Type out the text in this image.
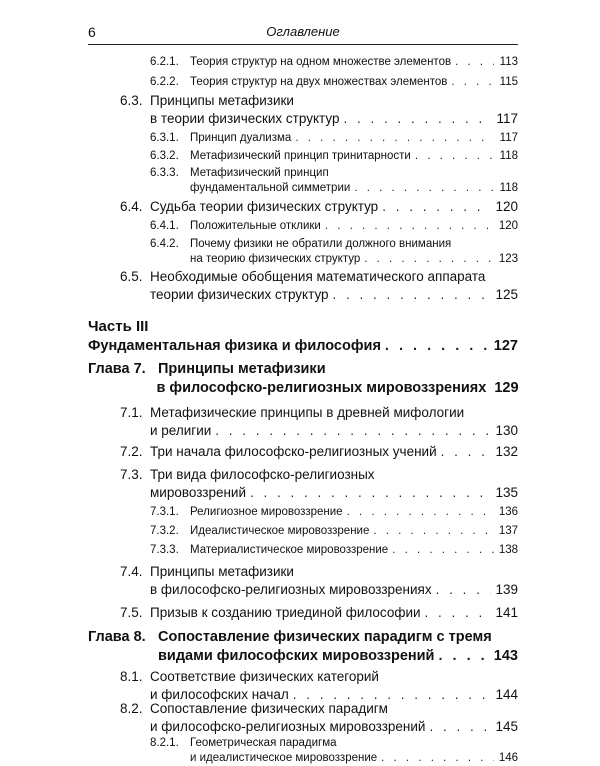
6	Оглавление
6.2.1. Теория структур на одном множестве элементов . . .	113
6.2.2. Теория структур на двух множествах элементов . . .	115
6.3. Принципы метафизики
в теории физических структур . . .	117
6.3.1. Принцип дуализма . . .	117
6.3.2. Метафизический принцип тринитарности . . .	118
6.3.3. Метафизический принцип
фундаментальной симметрии . . .	118
6.4. Судьба теории физических структур . . .	120
6.4.1. Положительные отклики . . .	120
6.4.2. Почему физики не обратили должного внимания
на теорию физических структур . . .	123
6.5. Необходимые обобщения математического аппарата
теории физических структур . . .	125
Часть III
Фундаментальная физика и философия . . .	127
Глава 7. Принципы метафизики
в философско-религиозных мировоззрениях 129
7.1. Метафизические принципы в древней мифологии
и религии . . .	130
7.2. Три начала философско-религиозных учений . . .	132
7.3. Три вида философско-религиозных
мировоззрений . . .	135
7.3.1. Религиозное мировоззрение . . .	136
7.3.2. Идеалистическое мировоззрение . . .	137
7.3.3. Материалистическое мировоззрение . . .	138
7.4. Принципы метафизики
в философско-религиозных мировоззрениях . . .	139
7.5. Призыв к созданию триединой философии . . .	141
Глава 8. Сопоставление физических парадигм с тремя
видами философских мировоззрений . . .	143
8.1. Соответствие физических категорий
и философских начал . . .	144
8.2. Сопоставление физических парадигм
и философско-религиозных мировоззрений . . .	145
8.2.1. Геометрическая парадигма
и идеалистическое мировоззрение . . .	146
